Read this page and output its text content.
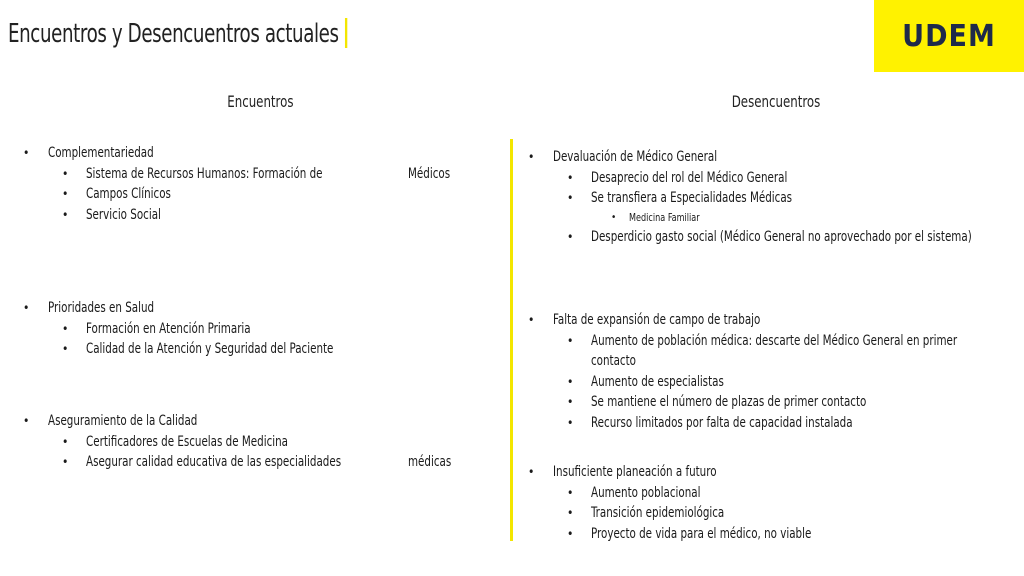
Encuentros y Desencuentros actuales	UDEM
Encuentros	Desencuentros
• Complementariedad
• Sistema de Recursos Humanos: Formación de	Médicos
• Campos Clínicos
• Servicio Social
• Prioridades en Salud
• Formación en Atención Primaria
• Calidad de la Atención y Seguridad del Paciente
• Aseguramiento de la Calidad
• Certificadores de Escuelas de Medicina
• Asegurar calidad educativa de las especialidades	médicas
• Devaluación de Médico General
• Desaprecio del rol del Médico General
• Se transfiera a Especialidades Médicas
• Medicina Familiar
• Desperdicio gasto social (Médico General no aprovechado por el sistema)
• Falta de expansión de campo de trabajo
• Aumento de población médica: descarte del Médico General en primer
contacto
• Aumento de especialistas
• Se mantiene el número de plazas de primer contacto
• Recurso limitados por falta de capacidad instalada
• Insuficiente planeación a futuro
• Aumento poblacional
• Transición epidemiológica
• Proyecto de vida para el médico, no viable
